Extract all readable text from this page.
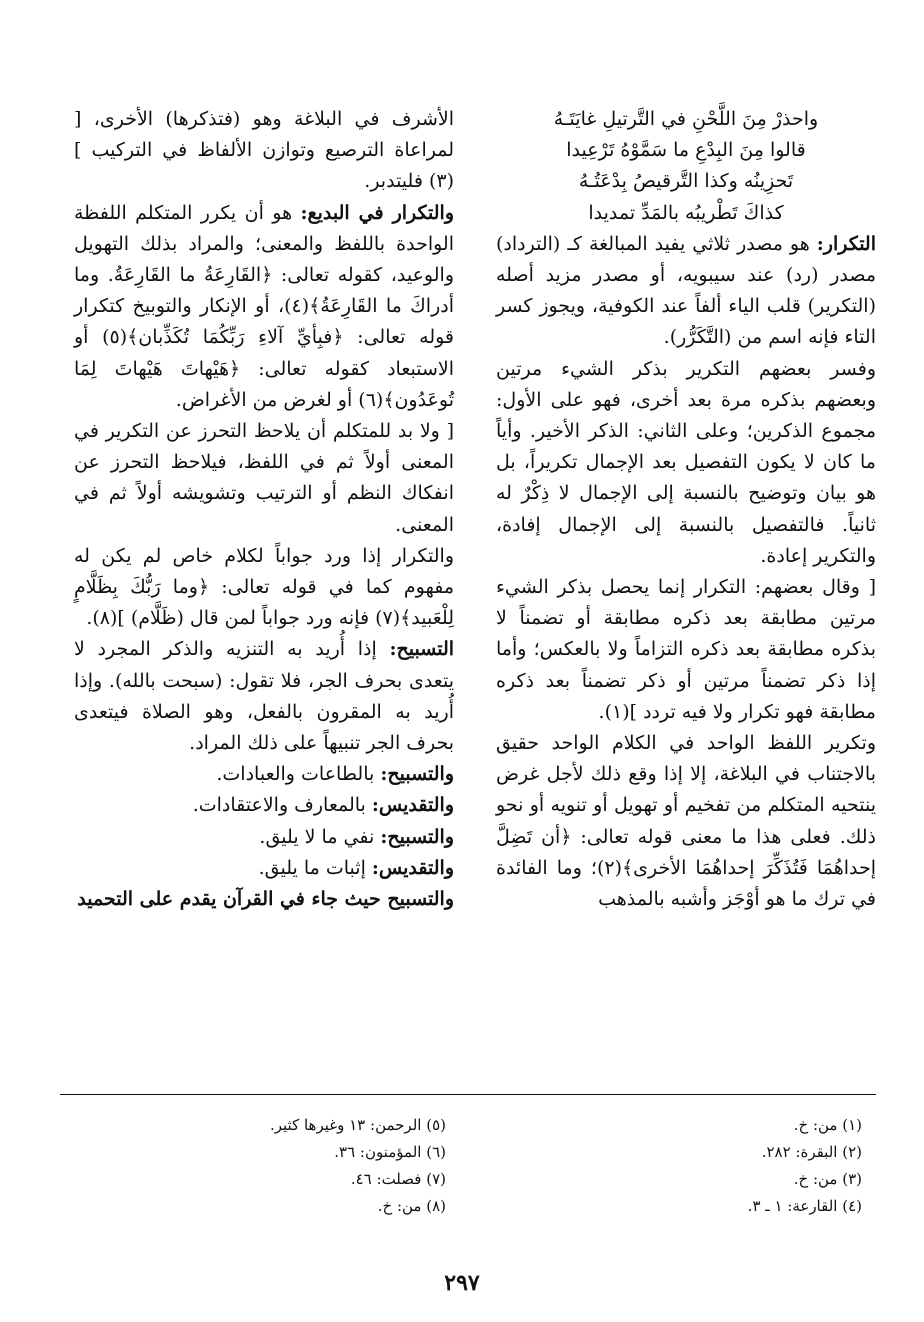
واحذرْ مِنَ اللَّحْنِ في التَّرتيلِ غايَتَـهُ

قالوا مِنَ البِدْعِ ما سَمَّوْهُ تَرْعِيدا

تَحزِينُه وكذا التَّرقيصُ بِدْعَتُـهُ

كذاكَ تَطْريبُه بالمَدِّ تمديدا

التكرار: هو مصدر ثلاثي يفيد المبالغة كـ (الترداد) مصدر (رد) عند سيبويه، أو مصدر مزيد أصله (التكرير) قلب الياء ألفاً عند الكوفية، ويجوز كسر التاء فإنه اسم من (التَّكَرُّر).

وفسر بعضهم التكرير بذكر الشيء مرتين وبعضهم بذكره مرة بعد أخرى، فهو على الأول: مجموع الذكرين؛ وعلى الثاني: الذكر الأخير. وأياً ما كان لا يكون التفصيل بعد الإجمال تكريراً، بل هو بيان وتوضيح بالنسبة إلى الإجمال لا ذِكْرٌ له ثانياً. فالتفصيل بالنسبة إلى الإجمال إفادة، والتكرير إعادة.

[ وقال بعضهم: التكرار إنما يحصل بذكر الشيء مرتين مطابقة بعد ذكره مطابقة أو تضمناً لا بذكره مطابقة بعد ذكره التزاماً ولا بالعكس؛ وأما إذا ذكر تضمناً مرتين أو ذكر تضمناً بعد ذكره مطابقة فهو تكرار ولا فيه تردد ](١).

وتكرير اللفظ الواحد في الكلام الواحد حقيق بالاجتناب في البلاغة، إلا إذا وقع ذلك لأجل غرض ينتحيه المتكلم من تفخيم أو تهويل أو تنويه أو نحو ذلك. فعلى هذا ما معنى قوله تعالى: ﴿أن تَضِلَّ إحداهُمَا فَتُذَكِّرَ إحداهُمَا الأخرى﴾(٢)؛ وما الفائدة في ترك ما هو أوْجَز وأشبه بالمذهب

الأشرف في البلاغة وهو (فتذكرها) الأخرى، [ لمراعاة الترصيع وتوازن الألفاظ في التركيب ](٣) فليتدبر.

والتكرار في البديع: هو أن يكرر المتكلم اللفظة الواحدة باللفظ والمعنى؛ والمراد بذلك التهويل والوعيد، كقوله تعالى: ﴿القَارِعَةُ ما القَارِعَةُ. وما أدراكَ ما القَارِعَةُ﴾(٤)، أو الإنكار والتوبيخ كتكرار قوله تعالى: ﴿فبِأيِّ آلاءِ رَبِّكُمَا تُكَذِّبان﴾(٥) أو الاستبعاد كقوله تعالى: ﴿هَيْهاتَ هَيْهاتَ لِمَا تُوعَدُون﴾(٦) أو لغرض من الأغراض.

[ ولا بد للمتكلم أن يلاحظ التحرز عن التكرير في المعنى أولاً ثم في اللفظ، فيلاحظ التحرز عن انفكاك النظم أو الترتيب وتشويشه أولاً ثم في المعنى.

والتكرار إذا ورد جواباً لكلام خاص لم يكن له مفهوم كما في قوله تعالى: ﴿وما رَبُّكَ بِظَلَّامٍ لِلْعَبيد﴾(٧) فإنه ورد جواباً لمن قال (ظَلَّام) ](٨).

التسبيح: إذا أُريد به التنزيه والذكر المجرد لا يتعدى بحرف الجر، فلا تقول: (سبحت بالله). وإذا أُريد به المقرون بالفعل، وهو الصلاة فيتعدى بحرف الجر تنبيهاً على ذلك المراد.

والتسبيح: بالطاعات والعبادات.

والتقديس: بالمعارف والاعتقادات.

والتسبيح: نفي ما لا يليق.

والتقديس: إثبات ما يليق.

والتسبيح حيث جاء في القرآن يقدم على التحميد

(١) من: خ.
(٢) البقرة: ٢٨٢.
(٣) من: خ.
(٤) القارعة: ١ ـ ٣.
(٥) الرحمن: ١٣ وغيرها كثير.
(٦) المؤمنون: ٣٦.
(٧) فصلت: ٤٦.
(٨) من: خ.
٢٩٧
